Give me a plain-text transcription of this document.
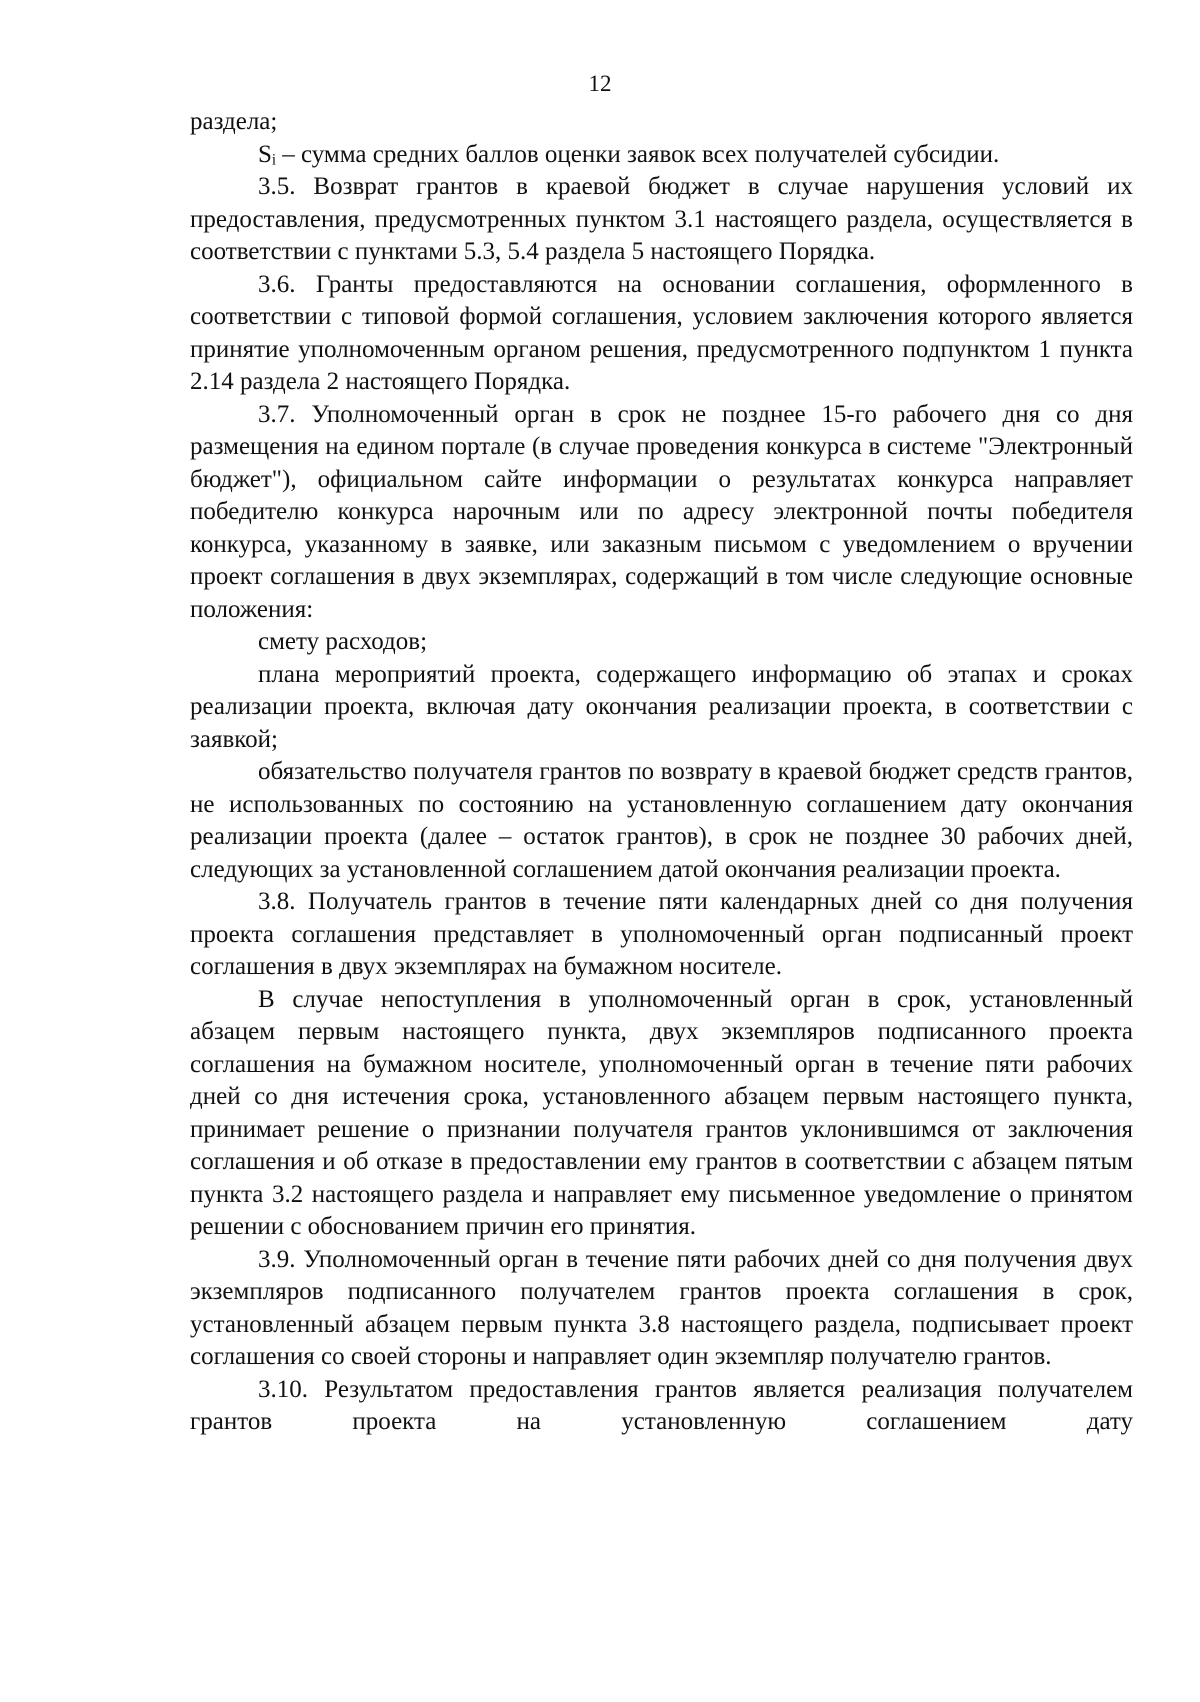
12

раздела;

Sᵢ – сумма средних баллов оценки заявок всех получателей субсидии.

3.5. Возврат грантов в краевой бюджет в случае нарушения условий их предоставления, предусмотренных пунктом 3.1 настоящего раздела, осуществляется в соответствии с пунктами 5.3, 5.4 раздела 5 настоящего Порядка.

3.6. Гранты предоставляются на основании соглашения, оформленного в соответствии с типовой формой соглашения, условием заключения которого является принятие уполномоченным органом решения, предусмотренного подпунктом 1 пункта 2.14 раздела 2 настоящего Порядка.

3.7. Уполномоченный орган в срок не позднее 15-го рабочего дня со дня размещения на едином портале (в случае проведения конкурса в системе "Электронный бюджет"), официальном сайте информации о результатах конкурса направляет победителю конкурса нарочным или по адресу электронной почты победителя конкурса, указанному в заявке, или заказным письмом с уведомлением о вручении проект соглашения в двух экземплярах, содержащий в том числе следующие основные положения:

смету расходов;

плана мероприятий проекта, содержащего информацию об этапах и сроках реализации проекта, включая дату окончания реализации проекта, в соответствии с заявкой;

обязательство получателя грантов по возврату в краевой бюджет средств грантов, не использованных по состоянию на установленную соглашением дату окончания реализации проекта (далее – остаток грантов), в срок не позднее 30 рабочих дней, следующих за установленной соглашением датой окончания реализации проекта.

3.8. Получатель грантов в течение пяти календарных дней со дня получения проекта соглашения представляет в уполномоченный орган подписанный проект соглашения в двух экземплярах на бумажном носителе.

В случае непоступления в уполномоченный орган в срок, установленный абзацем первым настоящего пункта, двух экземпляров подписанного проекта соглашения на бумажном носителе, уполномоченный орган в течение пяти рабочих дней со дня истечения срока, установленного абзацем первым настоящего пункта, принимает решение о признании получателя грантов уклонившимся от заключения соглашения и об отказе в предоставлении ему грантов в соответствии с абзацем пятым пункта 3.2 настоящего раздела и направляет ему письменное уведомление о принятом решении с обоснованием причин его принятия.

3.9. Уполномоченный орган в течение пяти рабочих дней со дня получения двух экземпляров подписанного получателем грантов проекта соглашения в срок, установленный абзацем первым пункта 3.8 настоящего раздела, подписывает проект соглашения со своей стороны и направляет один экземпляр получателю грантов.

3.10. Результатом предоставления грантов является реализация получателем грантов проекта на установленную соглашением дату
